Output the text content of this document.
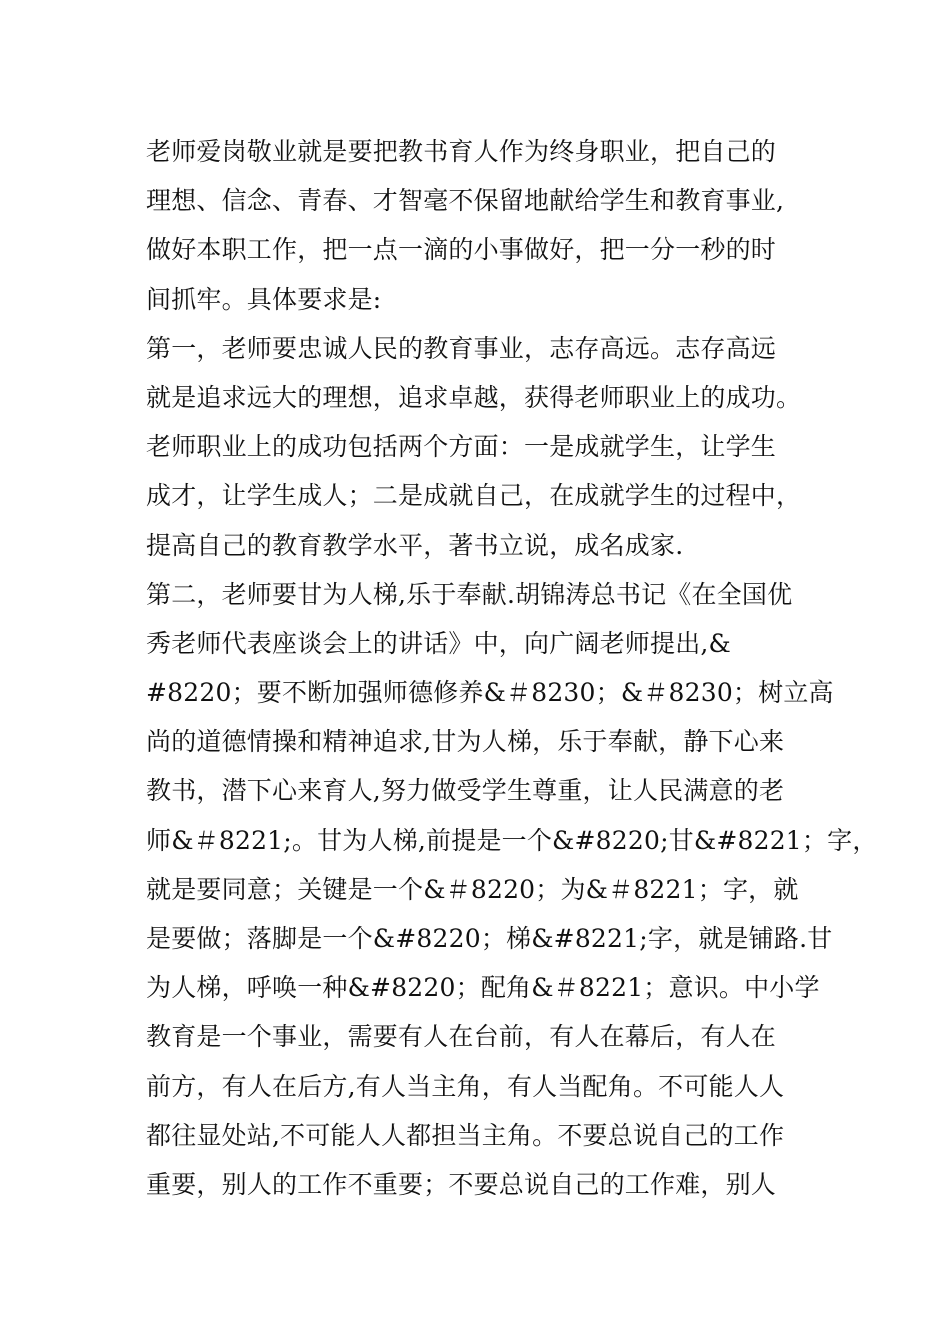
老师爱岗敬业就是要把教书育人作为终身职业，把自己的
理想、信念、青春、才智毫不保留地献给学生和教育事业,
做好本职工作，把一点一滴的小事做好，把一分一秒的时
间抓牢。具体要求是:
第一，老师要忠诚人民的教育事业，志存高远。志存高远
就是追求远大的理想，追求卓越，获得老师职业上的成功。
老师职业上的成功包括两个方面：一是成就学生，让学生
成才，让学生成人；二是成就自己，在成就学生的过程中，
提高自己的教育教学水平，著书立说，成名成家.
第二，老师要甘为人梯,乐于奉献.胡锦涛总书记《在全国优
秀老师代表座谈会上的讲话》中，向广阔老师提出,&
#8220；要不断加强师德修养&＃8230；&＃8230；树立高
尚的道德情操和精神追求,甘为人梯，乐于奉献，静下心来
教书，潜下心来育人,努力做受学生尊重，让人民满意的老
师&＃8221;。甘为人梯,前提是一个&#8220;甘&#8221；字，
就是要同意；关键是一个&＃8220；为&＃8221；字，就
是要做；落脚是一个&#8220；梯&#8221;字，就是铺路.甘
为人梯，呼唤一种&#8220；配角&＃8221；意识。中小学
教育是一个事业，需要有人在台前，有人在幕后，有人在
前方，有人在后方,有人当主角，有人当配角。不可能人人
都往显处站,不可能人人都担当主角。不要总说自己的工作
重要，别人的工作不重要；不要总说自己的工作难，别人
